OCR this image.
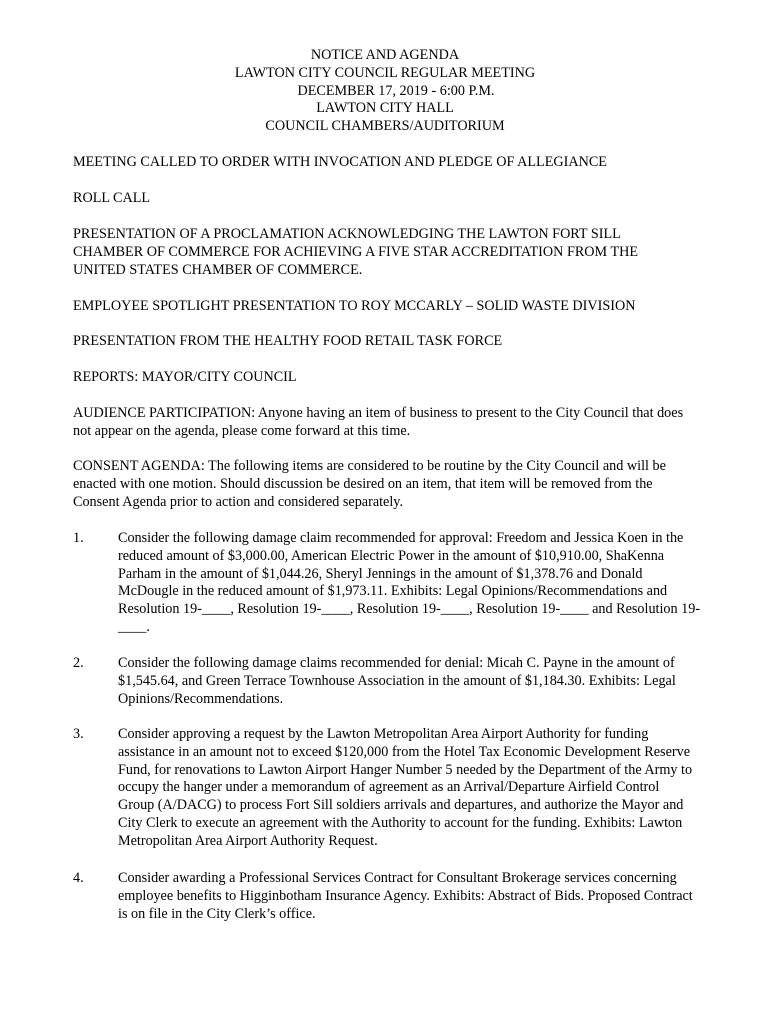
NOTICE AND AGENDA
LAWTON CITY COUNCIL REGULAR MEETING
DECEMBER 17, 2019 - 6:00 P.M.
LAWTON CITY HALL
COUNCIL CHAMBERS/AUDITORIUM

MEETING CALLED TO ORDER WITH INVOCATION AND PLEDGE OF ALLEGIANCE

ROLL CALL

PRESENTATION OF A PROCLAMATION ACKNOWLEDGING THE LAWTON FORT SILL CHAMBER OF COMMERCE FOR ACHIEVING A FIVE STAR ACCREDITATION FROM THE UNITED STATES CHAMBER OF COMMERCE.

EMPLOYEE SPOTLIGHT PRESENTATION TO ROY MCCARLY – SOLID WASTE DIVISION

PRESENTATION FROM THE HEALTHY FOOD RETAIL TASK FORCE

REPORTS: MAYOR/CITY COUNCIL

AUDIENCE PARTICIPATION: Anyone having an item of business to present to the City Council that does not appear on the agenda, please come forward at this time.

CONSENT AGENDA: The following items are considered to be routine by the City Council and will be enacted with one motion. Should discussion be desired on an item, that item will be removed from the Consent Agenda prior to action and considered separately.

1. Consider the following damage claim recommended for approval: Freedom and Jessica Koen in the reduced amount of $3,000.00, American Electric Power in the amount of $10,910.00, ShaKenna Parham in the amount of $1,044.26, Sheryl Jennings in the amount of $1,378.76 and Donald McDougle in the reduced amount of $1,973.11. Exhibits: Legal Opinions/Recommendations and Resolution 19-____, Resolution 19-____, Resolution 19-____, Resolution 19-____ and Resolution 19-____.
2. Consider the following damage claims recommended for denial: Micah C. Payne in the amount of $1,545.64, and Green Terrace Townhouse Association in the amount of $1,184.30. Exhibits: Legal Opinions/Recommendations.
3. Consider approving a request by the Lawton Metropolitan Area Airport Authority for funding assistance in an amount not to exceed $120,000 from the Hotel Tax Economic Development Reserve Fund, for renovations to Lawton Airport Hanger Number 5 needed by the Department of the Army to occupy the hanger under a memorandum of agreement as an Arrival/Departure Airfield Control Group (A/DACG) to process Fort Sill soldiers arrivals and departures, and authorize the Mayor and City Clerk to execute an agreement with the Authority to account for the funding. Exhibits: Lawton Metropolitan Area Airport Authority Request.
4. Consider awarding a Professional Services Contract for Consultant Brokerage services concerning employee benefits to Higginbotham Insurance Agency. Exhibits: Abstract of Bids. Proposed Contract is on file in the City Clerk’s office.
